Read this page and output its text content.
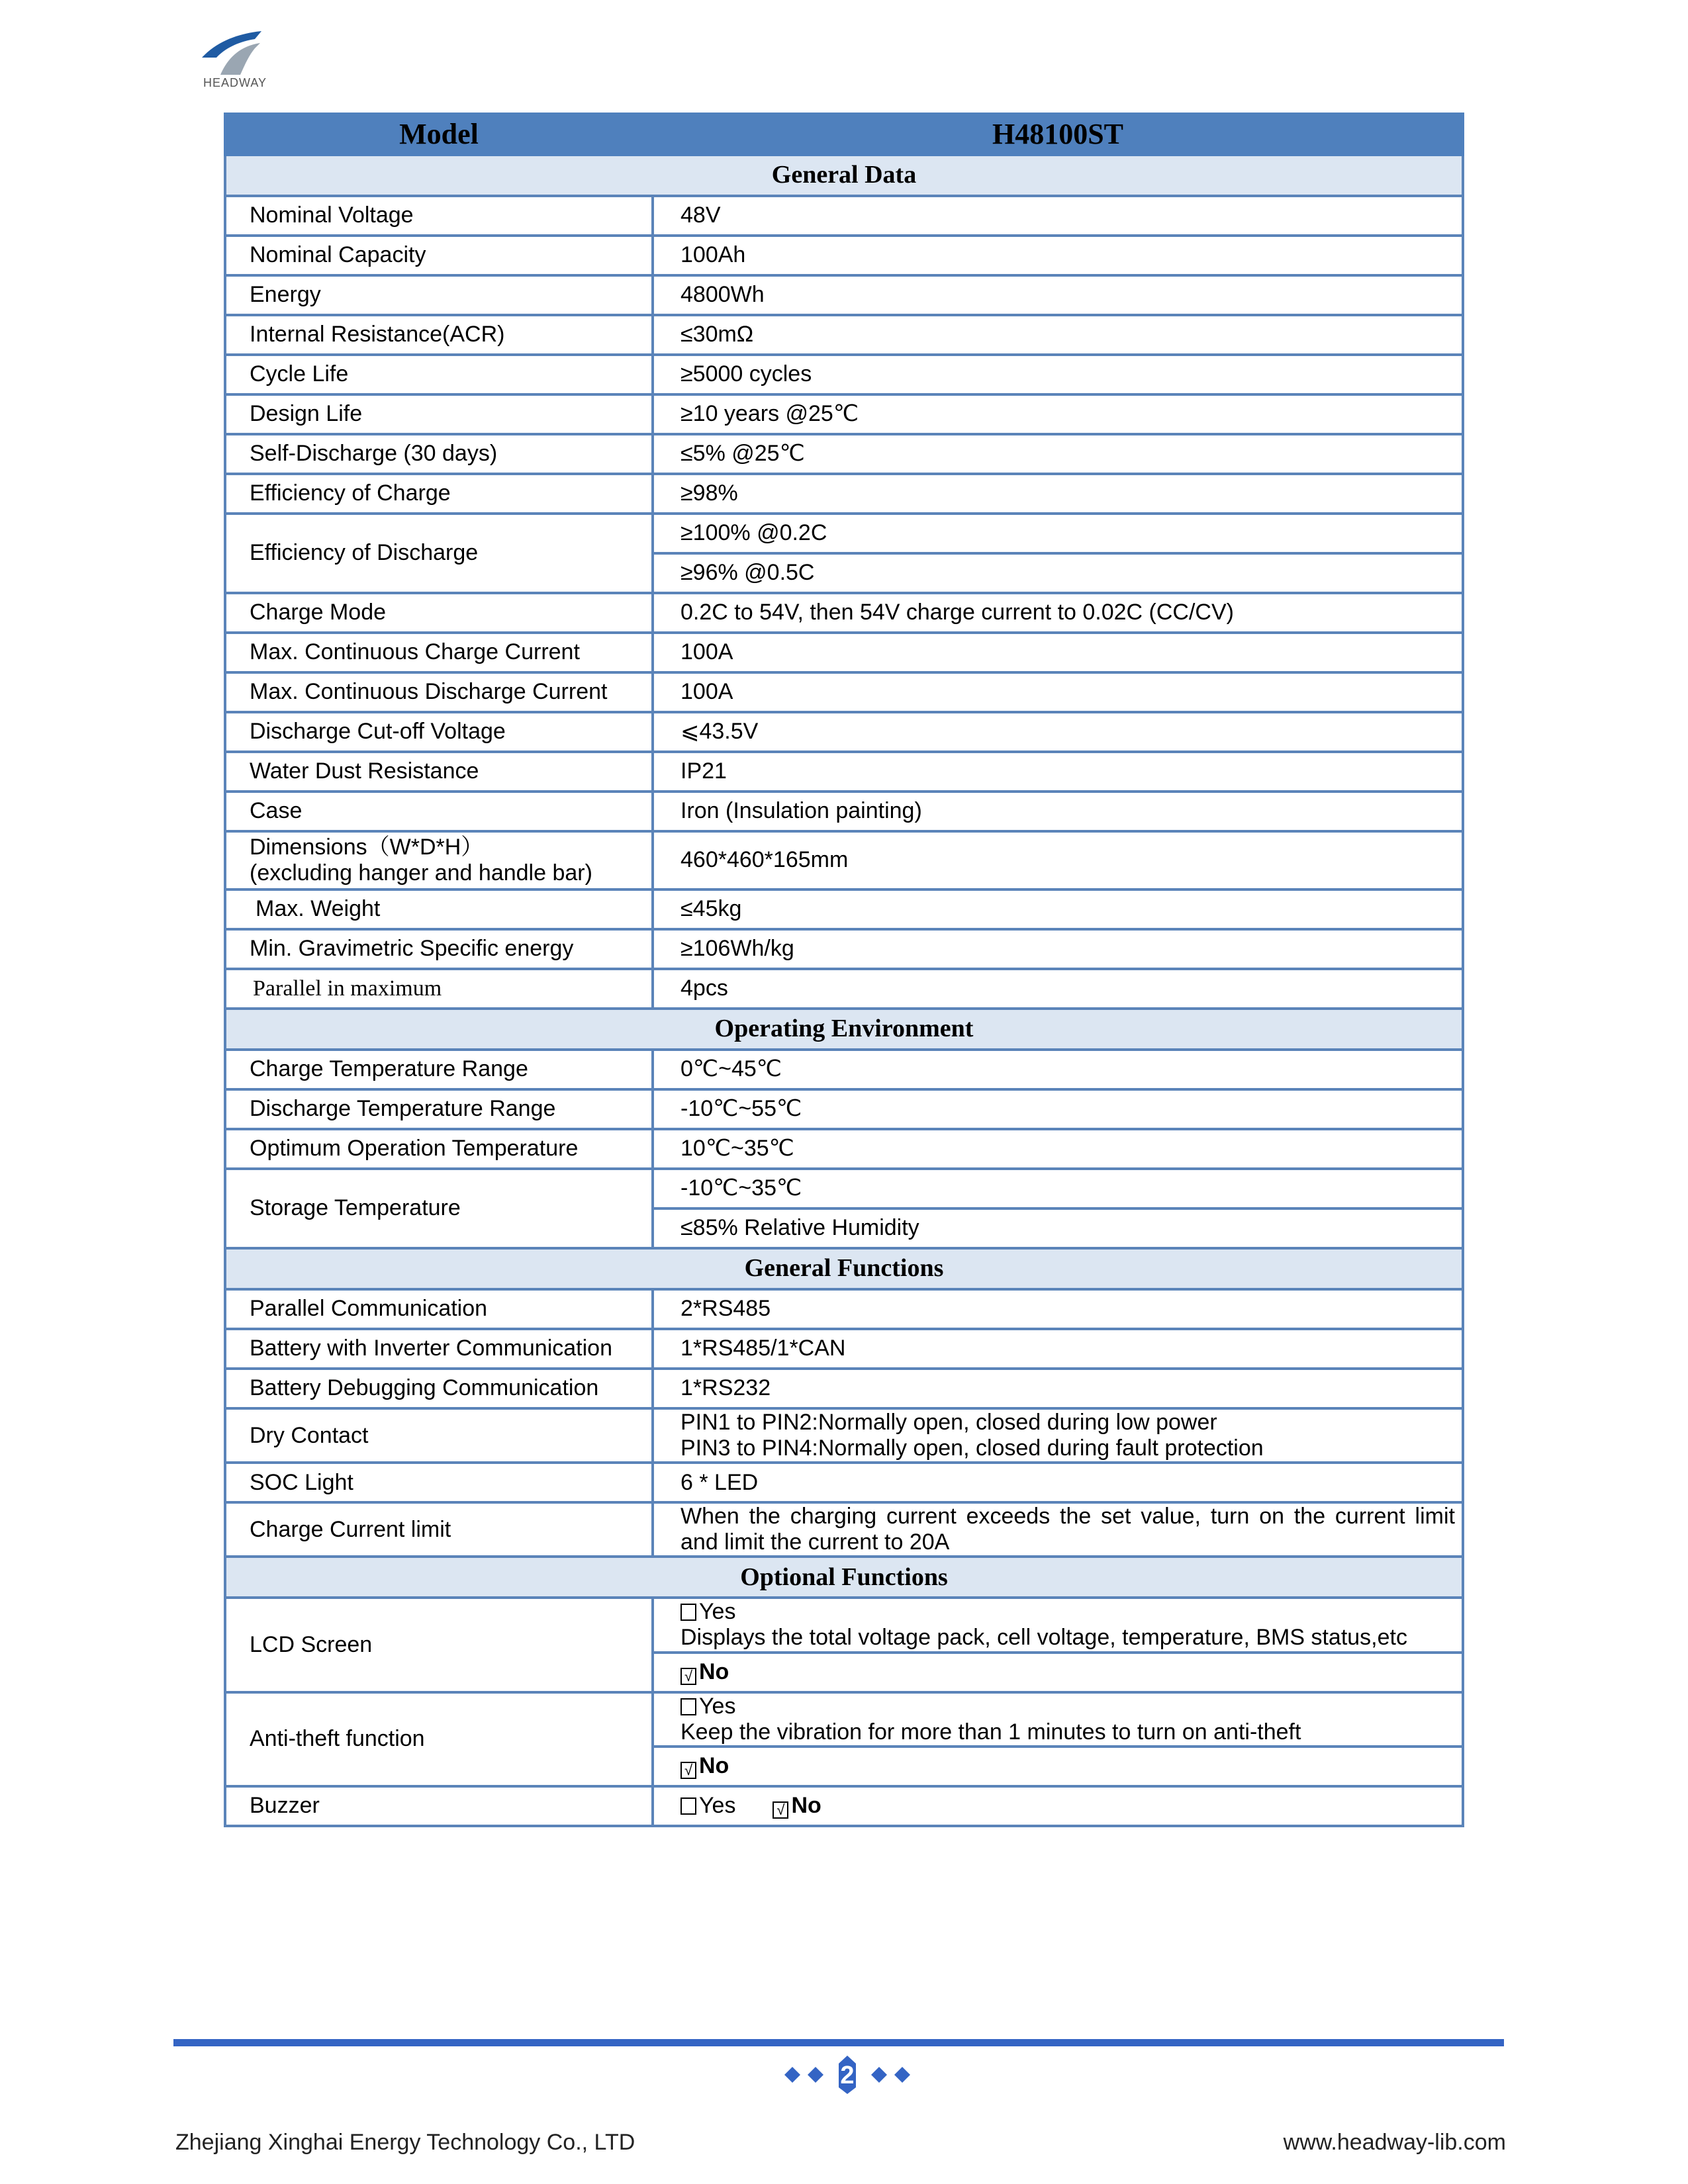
HEADWAY
Model	H48100ST
General Data	
Nominal Voltage	48V
Nominal Capacity	100Ah
Energy	4800Wh
Internal Resistance(ACR)	≤30mΩ
Cycle Life	≥5000 cycles
Design Life	≥10 years @25℃
Self-Discharge (30 days)	≤5% @25℃
Efficiency of Charge	≥98%
Efficiency of Discharge	≥100% @0.2C
	≥96% @0.5C
Charge Mode	0.2C to 54V, then 54V charge current to 0.02C (CC/CV)
Max. Continuous Charge Current	100A
Max. Continuous Discharge Current	100A
Discharge Cut-off Voltage	⩽43.5V
Water Dust Resistance	IP21
Case	Iron (Insulation painting)

Dimensions（W*D*H）
(excluding hanger and handle bar)	460*460*165mm
Max. Weight	≤45kg
Min. Gravimetric Specific energy	≥106Wh/kg
Parallel in maximum	4pcs
Operating Environment	
Charge Temperature Range	0℃~45℃
Discharge Temperature Range	-10℃~55℃
Optimum Operation Temperature	10℃~35℃
Storage Temperature	-10℃~35℃
	≤85% Relative Humidity
General Functions	
Parallel Communication	2*RS485
Battery with Inverter Communication	1*RS485/1*CAN
Battery Debugging Communication	1*RS232
Dry Contact	PIN1 to PIN2:Normally open, closed during low power
PIN3 to PIN4:Normally open, closed during fault protection

SOC Light	6 * LED
Charge Current limit	When the charging current exceeds the set value, turn on the current limit and limit the current to 20A
Optional Functions	
LCD Screen	Yes
Displays the total voltage pack, cell voltage, temperature, BMS status,etc

	√ No
Anti-theft function	Yes
Keep the vibration for more than 1 minutes to turn on anti-theft

	√ No
Buzzer	Yes √ No
2
Zhejiang Xinghai Energy Technology Co., LTD	www.headway-lib.com
